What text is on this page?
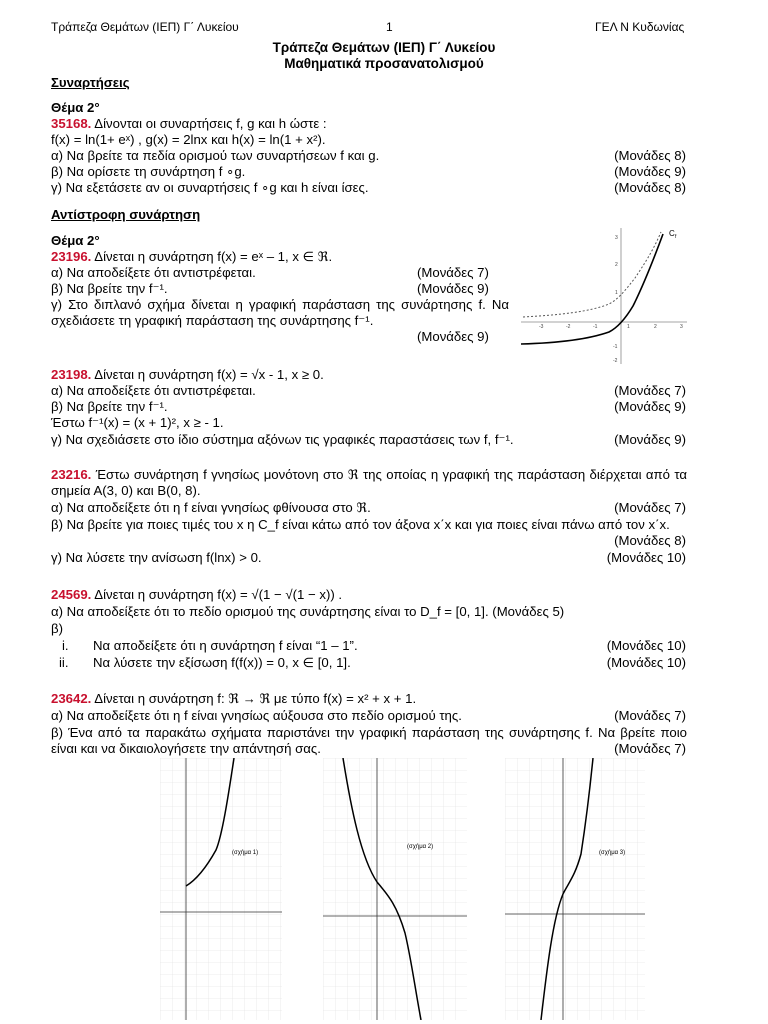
Τράπεζα Θεμάτων (ΙΕΠ) Γ΄ Λυκείου	1	ΓΕΛ Ν Κυδωνίας
Τράπεζα Θεμάτων (ΙΕΠ) Γ΄ Λυκείου
Μαθηματικά προσανατολισμού
Συναρτήσεις
Θέμα 2°
35168. Δίνονται οι συναρτήσεις f, g και h ώστε :
f(x) = ln(1+ eˣ) , g(x) = 2lnx και h(x) = ln(1 + x²).
α) Να βρείτε τα πεδία ορισμού των συναρτήσεων f και g.	(Μονάδες 8)
β) Να ορίσετε τη συνάρτηση f ∘g.	(Μονάδες 9)
γ) Να εξετάσετε αν οι συναρτήσεις f ∘g και h είναι ίσες.	(Μονάδες 8)
Αντίστροφη συνάρτηση
Θέμα 2°
23196. Δίνεται η συνάρτηση f(x) = eˣ – 1, x ∈ ℜ.
α) Να αποδείξετε ότι αντιστρέφεται.	(Μονάδες 7)
β) Να βρείτε την f⁻¹.	(Μονάδες 9)
γ) Στο διπλανό σχήμα δίνεται η γραφική παράσταση της συνάρτησης f. Να σχεδιάσετε τη γραφική παράσταση της συνάρτησης f⁻¹.
(Μονάδες 9)
C f
-3	-2	-1	1	2	3
3
2
1
-1
-2
23198. Δίνεται η συνάρτηση f(x) = √x - 1, x ≥ 0.
α) Να αποδείξετε ότι αντιστρέφεται.	(Μονάδες 7)
β) Να βρείτε την f⁻¹.	(Μονάδες 9)
Έστω f⁻¹(x) = (x + 1)², x ≥ - 1.
γ) Να σχεδιάσετε στο ίδιο σύστημα αξόνων τις γραφικές παραστάσεις των f, f⁻¹.	(Μονάδες 9)
23216. Έστω συνάρτηση f γνησίως μονότονη στο ℜ της οποίας η γραφική της παράσταση διέρχεται από τα σημεία Α(3, 0) και Β(0, 8).
α) Να αποδείξετε ότι η f είναι γνησίως φθίνουσα στο ℜ.	(Μονάδες 7)
β) Να βρείτε για ποιες τιμές του x η C_f είναι κάτω από τον άξονα x΄x και για ποιες είναι πάνω από τον x΄x.
(Μονάδες 8)
γ) Να λύσετε την ανίσωση f(lnx) > 0.	(Μονάδες 10)
24569. Δίνεται η συνάρτηση f(x) = √(1 − √(1 − x)) .
α) Να αποδείξετε ότι το πεδίο ορισμού της συνάρτησης είναι το D_f = [0, 1]. (Μονάδες 5)
β)
i. Να αποδείξετε ότι η συνάρτηση f είναι “1 – 1”.	(Μονάδες 10)
ii. Να λύσετε την εξίσωση f(f(x)) = 0, x ∈ [0, 1].	(Μονάδες 10)
23642. Δίνεται η συνάρτηση f: ℜ → ℜ με τύπο f(x) = x² + x + 1.
α) Να αποδείξετε ότι η f είναι γνησίως αύξουσα στο πεδίο ορισμού της.	(Μονάδες 7)
β) Ένα από τα παρακάτω σχήματα παριστάνει την γραφική παράσταση της συνάρτησης f. Να βρείτε ποιο είναι και να δικαιολογήσετε την απάντησή σας.	(Μονάδες 7)
(σχήμα 1)
(σχήμα 2)
(σχήμα 3)
